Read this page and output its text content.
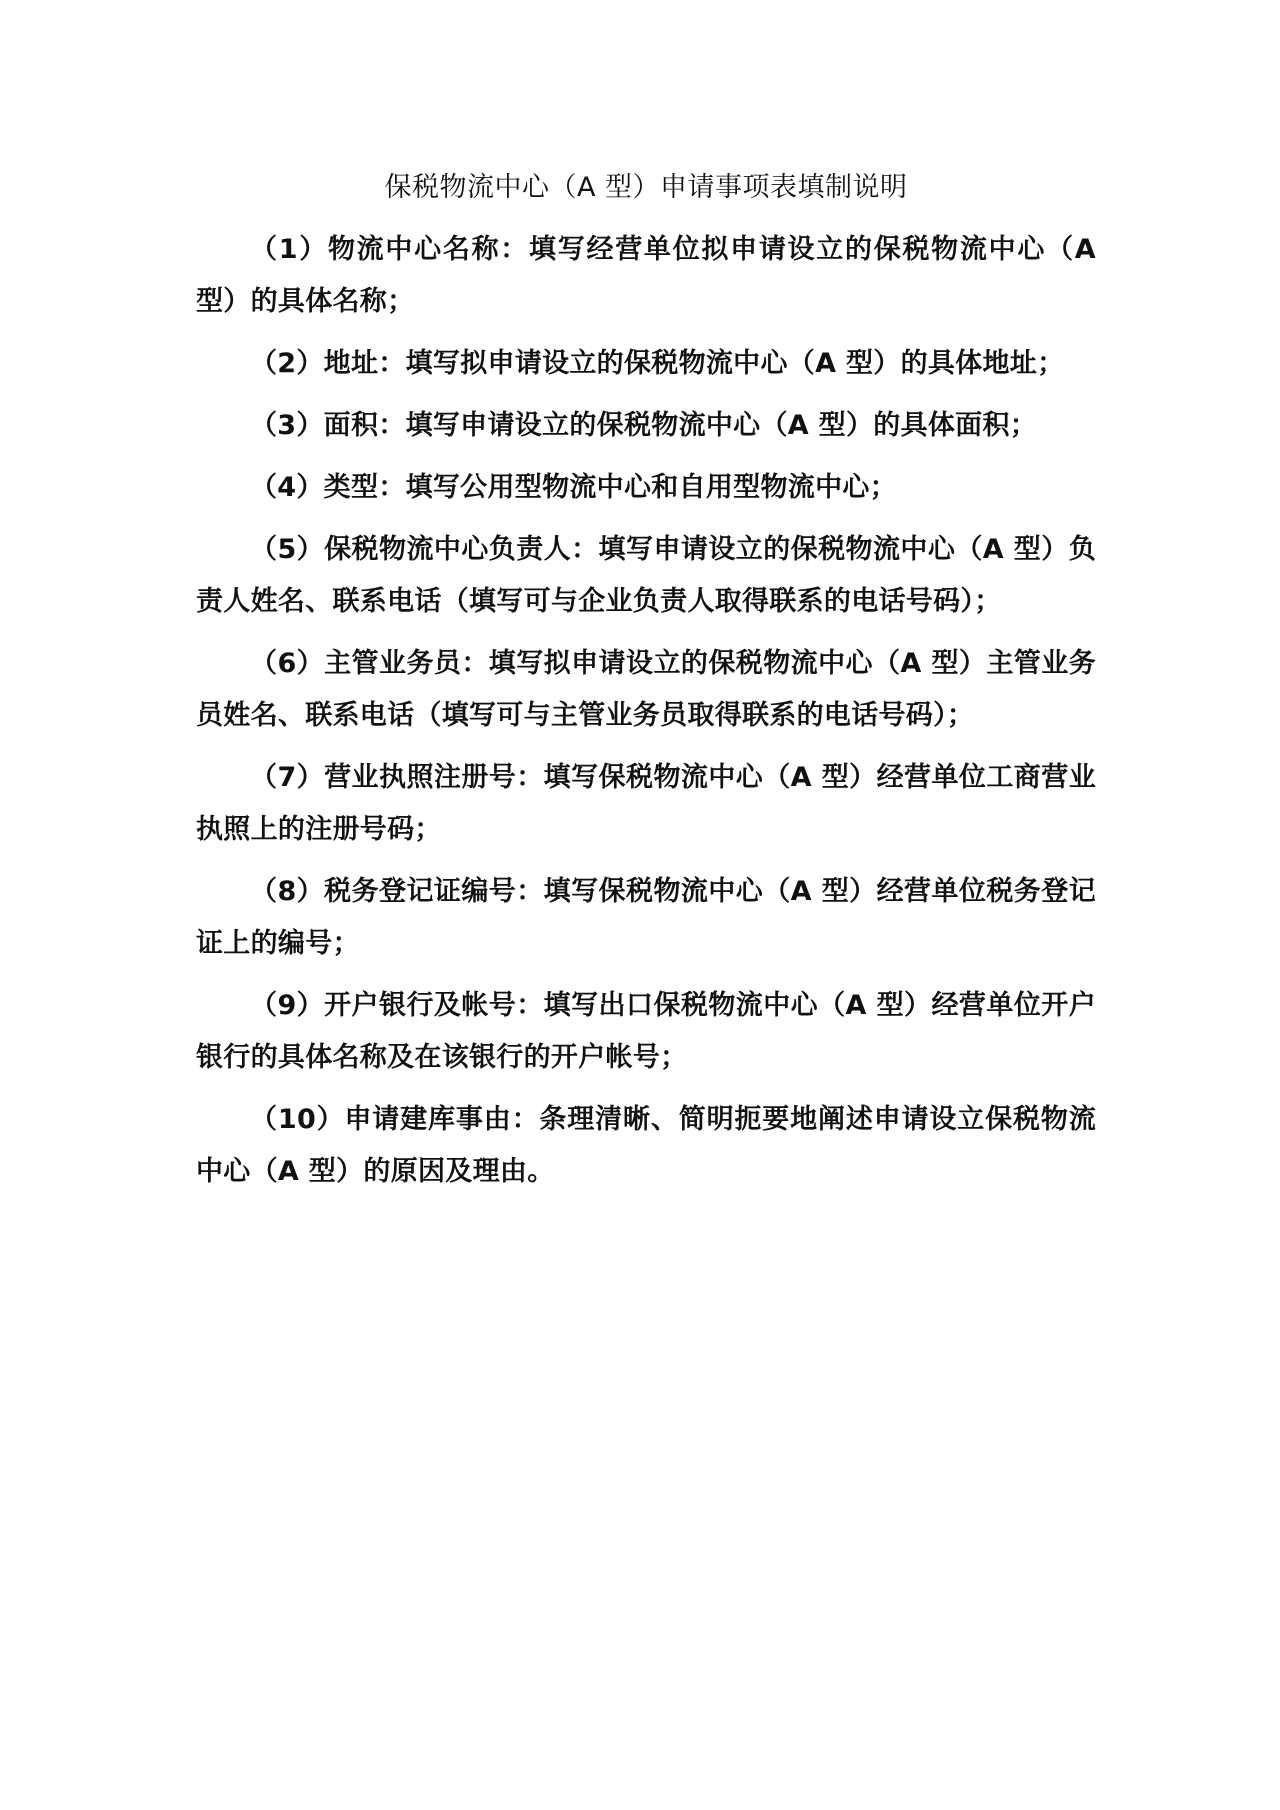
保税物流中心（A 型）申请事项表填制说明

（1）物流中心名称：填写经营单位拟申请设立的保税物流中心（A 型）的具体名称；

（2）地址：填写拟申请设立的保税物流中心（A 型）的具体地址；

（3）面积：填写申请设立的保税物流中心（A 型）的具体面积；

（4）类型：填写公用型物流中心和自用型物流中心；

（5）保税物流中心负责人：填写申请设立的保税物流中心（A 型）负责人姓名、联系电话（填写可与企业负责人取得联系的电话号码）；

（6）主管业务员：填写拟申请设立的保税物流中心（A 型）主管业务员姓名、联系电话（填写可与主管业务员取得联系的电话号码）；

（7）营业执照注册号：填写保税物流中心（A 型）经营单位工商营业执照上的注册号码；

（8）税务登记证编号：填写保税物流中心（A 型）经营单位税务登记证上的编号；

（9）开户银行及帐号：填写出口保税物流中心（A 型）经营单位开户银行的具体名称及在该银行的开户帐号；

（10）申请建库事由：条理清晰、简明扼要地阐述申请设立保税物流中心（A 型）的原因及理由。
